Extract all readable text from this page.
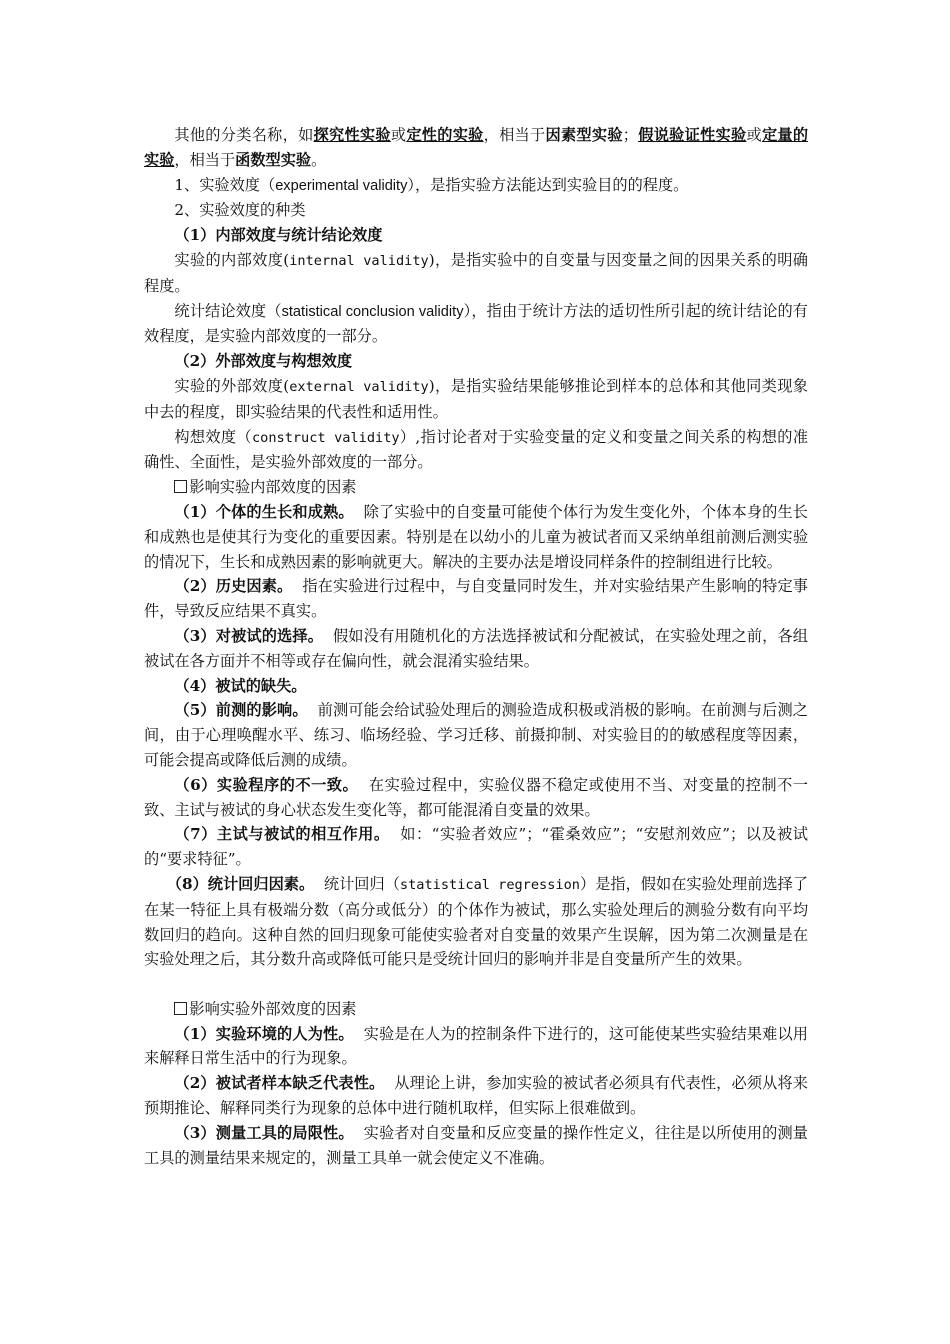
其他的分类名称，如探究性实验或定性的实验，相当于因素型实验；假说验证性实验或定量的实验，相当于函数型实验。

1、实验效度（experimental validity），是指实验方法能达到实验目的的程度。

2、实验效度的种类

（1）内部效度与统计结论效度

实验的内部效度(internal validity)，是指实验中的自变量与因变量之间的因果关系的明确程度。

统计结论效度（statistical conclusion validity），指由于统计方法的适切性所引起的统计结论的有效程度，是实验内部效度的一部分。

（2）外部效度与构想效度

实验的外部效度(external validity)，是指实验结果能够推论到样本的总体和其他同类现象中去的程度，即实验结果的代表性和适用性。

构想效度（construct validity）,指讨论者对于实验变量的定义和变量之间关系的构想的准确性、全面性，是实验外部效度的一部分。

影响实验内部效度的因素

（1）个体的生长和成熟。 除了实验中的自变量可能使个体行为发生变化外，个体本身的生长和成熟也是使其行为变化的重要因素。特别是在以幼小的儿童为被试者而又采纳单组前测后测实验的情况下，生长和成熟因素的影响就更大。解决的主要办法是增设同样条件的控制组进行比较。

（2）历史因素。 指在实验进行过程中，与自变量同时发生，并对实验结果产生影响的特定事件，导致反应结果不真实。

（3）对被试的选择。 假如没有用随机化的方法选择被试和分配被试，在实验处理之前，各组被试在各方面并不相等或存在偏向性，就会混淆实验结果。

（4）被试的缺失。

（5）前测的影响。 前测可能会给试验处理后的测验造成积极或消极的影响。在前测与后测之间，由于心理唤醒水平、练习、临场经验、学习迁移、前摄抑制、对实验目的的敏感程度等因素，可能会提高或降低后测的成绩。

（6）实验程序的不一致。 在实验过程中，实验仪器不稳定或使用不当、对变量的控制不一致、主试与被试的身心状态发生变化等，都可能混淆自变量的效果。

（7）主试与被试的相互作用。 如：“实验者效应”；“霍桑效应”；“安慰剂效应”；以及被试的“要求特征”。

（8）统计回归因素。 统计回归（statistical regression）是指，假如在实验处理前选择了在某一特征上具有极端分数（高分或低分）的个体作为被试，那么实验处理后的测验分数有向平均数回归的趋向。这种自然的回归现象可能使实验者对自变量的效果产生误解，因为第二次测量是在实验处理之后，其分数升高或降低可能只是受统计回归的影响并非是自变量所产生的效果。

影响实验外部效度的因素

（1）实验环境的人为性。 实验是在人为的控制条件下进行的，这可能使某些实验结果难以用来解释日常生活中的行为现象。

（2）被试者样本缺乏代表性。 从理论上讲，参加实验的被试者必须具有代表性，必须从将来预期推论、解释同类行为现象的总体中进行随机取样，但实际上很难做到。

（3）测量工具的局限性。 实验者对自变量和反应变量的操作性定义，往往是以所使用的测量工具的测量结果来规定的，测量工具单一就会使定义不准确。
